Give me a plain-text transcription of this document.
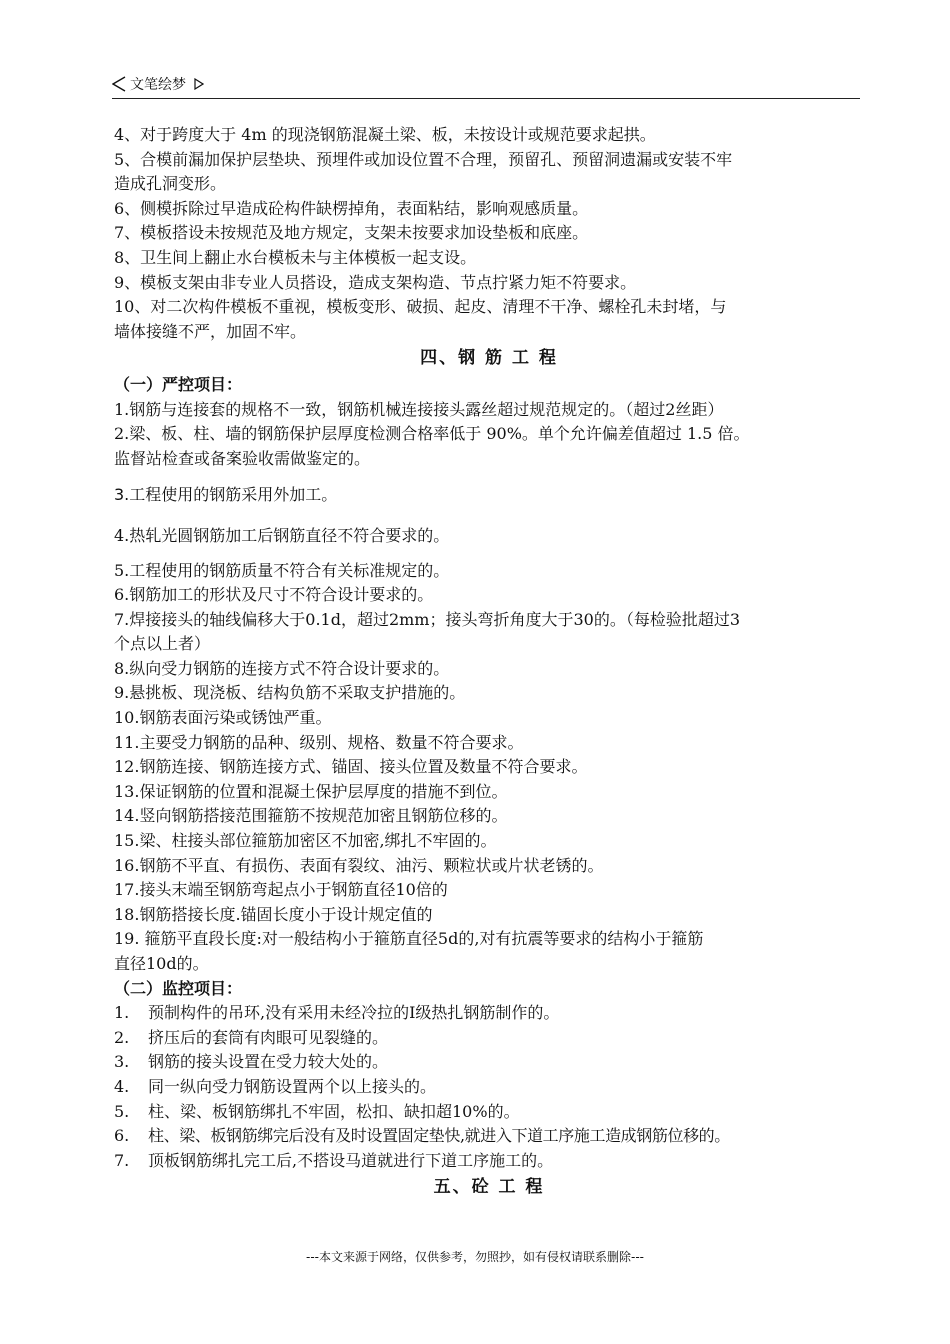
文笔绘梦
4、对于跨度大于 4m 的现浇钢筋混凝土梁、板，未按设计或规范要求起拱。
5、合模前漏加保护层垫块、预埋件或加设位置不合理，预留孔、预留洞遗漏或安装不牢
造成孔洞变形。
6、侧模拆除过早造成砼构件缺楞掉角，表面粘结，影响观感质量。
7、模板搭设未按规范及地方规定，支架未按要求加设垫板和底座。
8、卫生间上翻止水台模板未与主体模板一起支设。
9、模板支架由非专业人员搭设，造成支架构造、节点拧紧力矩不符要求。
10、对二次构件模板不重视，模板变形、破损、起皮、清理不干净、螺栓孔未封堵，与
墙体接缝不严，加固不牢。
四、钢 筋 工 程
（一）严控项目：
1.钢筋与连接套的规格不一致，钢筋机械连接接头露丝超过规范规定的。（超过2丝距）
2.梁、板、柱、墙的钢筋保护层厚度检测合格率低于 90%。单个允许偏差值超过 1.5 倍。
监督站检查或备案验收需做鉴定的。
3.工程使用的钢筋采用外加工。
4.热轧光圆钢筋加工后钢筋直径不符合要求的。
5.工程使用的钢筋质量不符合有关标准规定的。
6.钢筋加工的形状及尺寸不符合设计要求的。
7.焊接接头的轴线偏移大于0.1d，超过2mm；接头弯折角度大于30的。（每检验批超过3
个点以上者）
8.纵向受力钢筋的连接方式不符合设计要求的。
9.悬挑板、现浇板、结构负筋不采取支护措施的。
10.钢筋表面污染或锈蚀严重。
11.主要受力钢筋的品种、级别、规格、数量不符合要求。
12.钢筋连接、钢筋连接方式、锚固、接头位置及数量不符合要求。
13.保证钢筋的位置和混凝土保护层厚度的措施不到位。
14.竖向钢筋搭接范围箍筋不按规范加密且钢筋位移的。
15.梁、柱接头部位箍筋加密区不加密,绑扎不牢固的。
16.钢筋不平直、有损伤、表面有裂纹、油污、颗粒状或片状老锈的。
17.接头末端至钢筋弯起点小于钢筋直径10倍的
18.钢筋搭接长度.锚固长度小于设计规定值的
19. 箍筋平直段长度:对一般结构小于箍筋直径5d的,对有抗震等要求的结构小于箍筋
直径10d的。
（二）监控项目：
1.	预制构件的吊环,没有采用未经冷拉的I级热扎钢筋制作的。
2.	挤压后的套筒有肉眼可见裂缝的。
3.	钢筋的接头设置在受力较大处的。
4.	同一纵向受力钢筋设置两个以上接头的。
5.	柱、梁、板钢筋绑扎不牢固，松扣、缺扣超10%的。
6.	柱、梁、板钢筋绑完后没有及时设置固定垫快,就进入下道工序施工造成钢筋位移的。
7.	顶板钢筋绑扎完工后,不搭设马道就进行下道工序施工的。
五、砼 工 程
---本文来源于网络，仅供参考，勿照抄，如有侵权请联系删除---
